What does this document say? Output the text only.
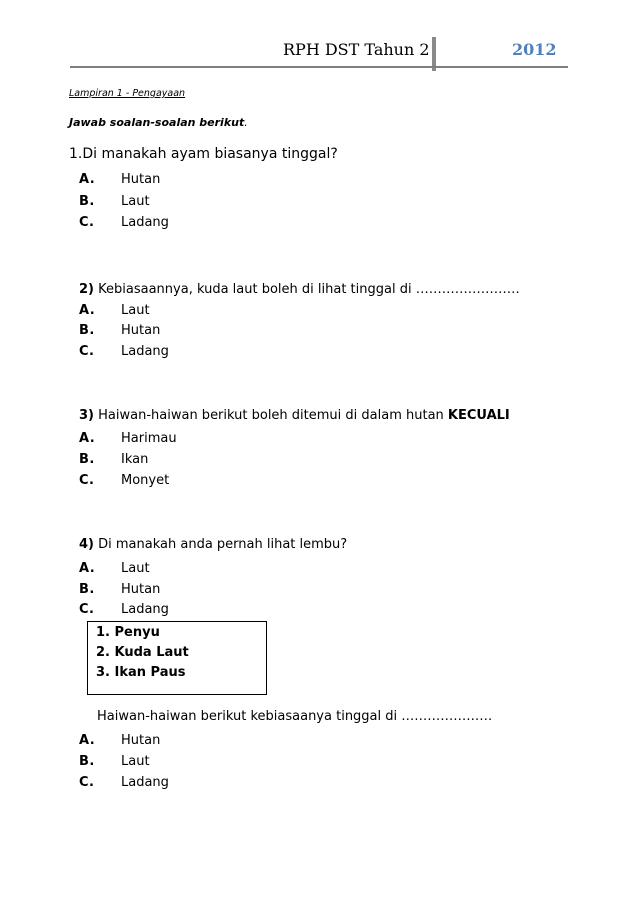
RPH DST Tahun 2	2012
Lampiran 1 - Pengayaan
Jawab soalan-soalan berikut.
1.Di manakah ayam biasanya tinggal?
A. Hutan
B. Laut
C. Ladang
2) Kebiasaannya, kuda laut boleh di lihat tinggal di ……………………
A. Laut
B. Hutan
C. Ladang
3) Haiwan-haiwan berikut boleh ditemui di dalam hutan KECUALI
A. Harimau
B. Ikan
C. Monyet
4) Di manakah anda pernah lihat lembu?
A. Laut
B. Hutan
C. Ladang
1. Penyu
2. Kuda Laut
3. Ikan Paus
Haiwan-haiwan berikut kebiasaanya tinggal di …………………
A. Hutan
B. Laut
C. Ladang
